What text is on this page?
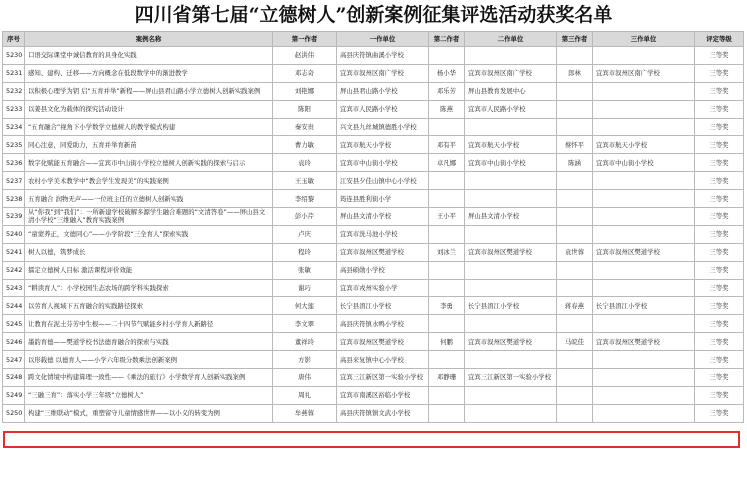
四川省第七届“立德树人”创新案例征集评选活动获奖名单
序号	案例名称	第一作者	一作单位	第二作者	二作单位	第三作者	三作单位	评定等级
5230	口语交际课堂中诚信教育的具身化实践	赵洪伟	高县庆符镇曲溪小学校					三等奖
5231	感知、建构、迁移——方向概念在低段数学中的渐进教学	邓志奇	宜宾市叙州区南广学校	杨小华	宜宾市叙州区南广学校	郎林	宜宾市叙州区南广学校	三等奖
5232	以积极心理学为钥 启“五育并举”新程——屏山县君山路小学立德树人创新实践案例	刘艳娜	屏山县君山路小学校	邓乐芳	屏山县教育发展中心			三等奖
5233	以姜县文化为载体的探究活动设计	陈阳	宜宾市人民路小学校	陈燕	宜宾市人民路小学校			三等奖
5234	“五育融合”视角下小学数学立德树人的教学模式构建	秦安贵	兴文县九丝城镇德胜小学校					三等奖
5235	同心注意，同爱助力，五育并举育新苗	曹力敏	宜宾市航天小学校	邓有平	宜宾市航天小学校	蔡怀平	宜宾市航天小学校	三等奖
5236	数字化赋能五育融合——宜宾市中山街小学校立德树人创新实践的探索与启示	袁玲	宜宾市中山街小学校	卓凡娜	宜宾市中山街小学校	陈涵	宜宾市中山街小学校	三等奖
5237	农村小学美术教学中“教会学生发现美”的实践案例	王玉敏	江安县夕佳山镇中心小学校					三等奖
5238	五育融合 润物无声——一位班主任的立德树人创新实践	李绍黎	筠连县胜利街小学					三等奖
5239	从“你我”到“我们”：一所新建学校破解多源学生融合难题的“文清答卷”——屏山县文清小学校“三维融入”教育实践案例	彭小芹	屏山县文清小学校	王小平	屏山县文清小学校			三等奖
5240	“童蒙养正，文德同心”——小学阶段“三全育人”探索实践	卢庆	宜宾市洗马池小学校					三等奖
5241	树人以德，筑梦成长	程玲	宜宾市叙州区樊道学校	刘冰兰	宜宾市叙州区樊道学校	袁世蓉	宜宾市叙州区樊道学校	三等奖
5242	擂定立德树人目标 激活课程评价效能	张敏	高县硕勋小学校					三等奖
5243	“耕读育人”：小学校园生态农场的跨学科实践探索	谢巧	宜宾市戎州实验小学					三等奖
5244	以劳育人视域下五育融合的实践路径探索	何大莲	长宁县淯江小学校	李勇	长宁县淯江小学校	蒋春燕	长宁县淯江小学校	三等奖
5245	让教育在泥土芬芳中生根——二十四节气赋能乡村小学育人新路径	李文翠	高县庆符镇水鸭小学校					三等奖
5246	墨韵育德——樊道学校书法德育融合的探索与实践	董祥玲	宜宾市叙州区樊道学校	何鹏	宜宾市叙州区樊道学校	马皖佳	宜宾市叙州区樊道学校	三等奖
5247	以形载德 以德育人——小学六年级分数乘法创新案例	方影	高县来复镇中心小学校					三等奖
5248	跨文化情境中构建算理一致性——《乘法的旅行》小学数学育人创新实践案例	唐伟	宜宾三江新区第一实验小学校	邓静珊	宜宾三江新区第一实验小学校			三等奖
5249	“三融三育”：落实小学三年级“立德树人”	周礼	宜宾市南溪区裕临小学校					三等奖
5250	构建“三维联动”模式，重塑留守儿童情感世界——以小义的转变为例	牟燕蓉	高县庆符镇镇文武小学校					三等奖
